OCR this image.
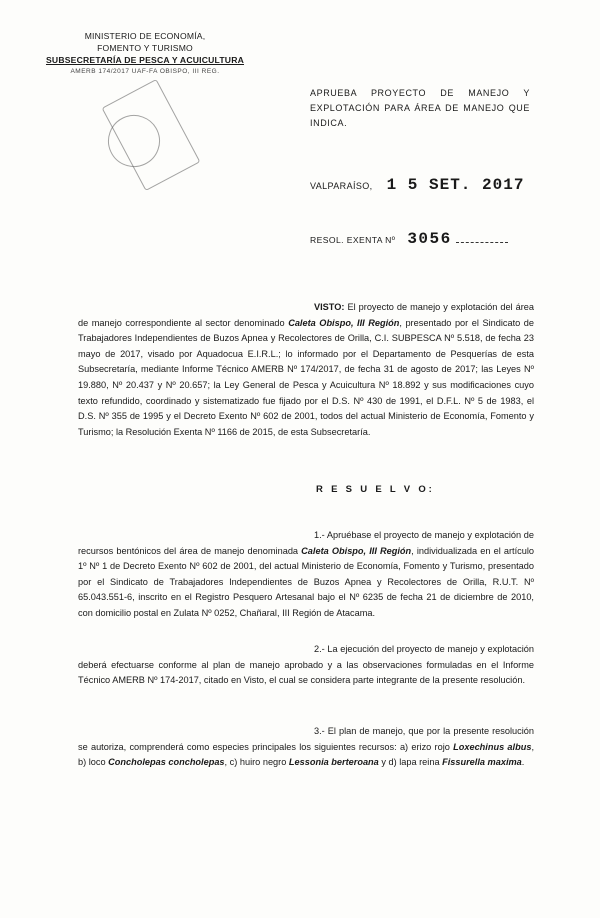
MINISTERIO DE ECONOMÍA,
FOMENTO Y TURISMO
SUBSECRETARÍA DE PESCA Y ACUICULTURA
AMERB 174/2017 UAF-FA OBISPO, III REG.
APRUEBA PROYECTO DE MANEJO Y EXPLOTACIÓN PARA ÁREA DE MANEJO QUE INDICA.
VALPARAÍSO, 1 5 SET. 2017
RESOL. EXENTA Nº 3056
VISTO: El proyecto de manejo y explotación del área de manejo correspondiente al sector denominado Caleta Obispo, III Región, presentado por el Sindicato de Trabajadores Independientes de Buzos Apnea y Recolectores de Orilla, C.I. SUBPESCA Nº 5.518, de fecha 23 mayo de 2017, visado por Aquadocua E.I.R.L.; lo informado por el Departamento de Pesquerías de esta Subsecretaría, mediante Informe Técnico AMERB Nº 174/2017, de fecha 31 de agosto de 2017; las Leyes Nº 19.880, Nº 20.437 y Nº 20.657; la Ley General de Pesca y Acuicultura Nº 18.892 y sus modificaciones cuyo texto refundido, coordinado y sistematizado fue fijado por el D.S. Nº 430 de 1991, el D.F.L. Nº 5 de 1983, el D.S. Nº 355 de 1995 y el Decreto Exento Nº 602 de 2001, todos del actual Ministerio de Economía, Fomento y Turismo; la Resolución Exenta Nº 1166 de 2015, de esta Subsecretaría.
R E S U E L V O:
1.- Apruébase el proyecto de manejo y explotación de recursos bentónicos del área de manejo denominada Caleta Obispo, III Región, individualizada en el artículo 1º Nº 1 de Decreto Exento Nº 602 de 2001, del actual Ministerio de Economía, Fomento y Turismo, presentado por el Sindicato de Trabajadores Independientes de Buzos Apnea y Recolectores de Orilla, R.U.T. Nº 65.043.551-6, inscrito en el Registro Pesquero Artesanal bajo el Nº 6235 de fecha 21 de diciembre de 2010, con domicilio postal en Zulata Nº 0252, Chañaral, III Región de Atacama.
2.- La ejecución del proyecto de manejo y explotación deberá efectuarse conforme al plan de manejo aprobado y a las observaciones formuladas en el Informe Técnico AMERB Nº 174-2017, citado en Visto, el cual se considera parte integrante de la presente resolución.
3.- El plan de manejo, que por la presente resolución se autoriza, comprenderá como especies principales los siguientes recursos: a) erizo rojo Loxechinus albus, b) loco Concholepas concholepas, c) huiro negro Lessonia berteroana y d) lapa reina Fissurella maxima.
